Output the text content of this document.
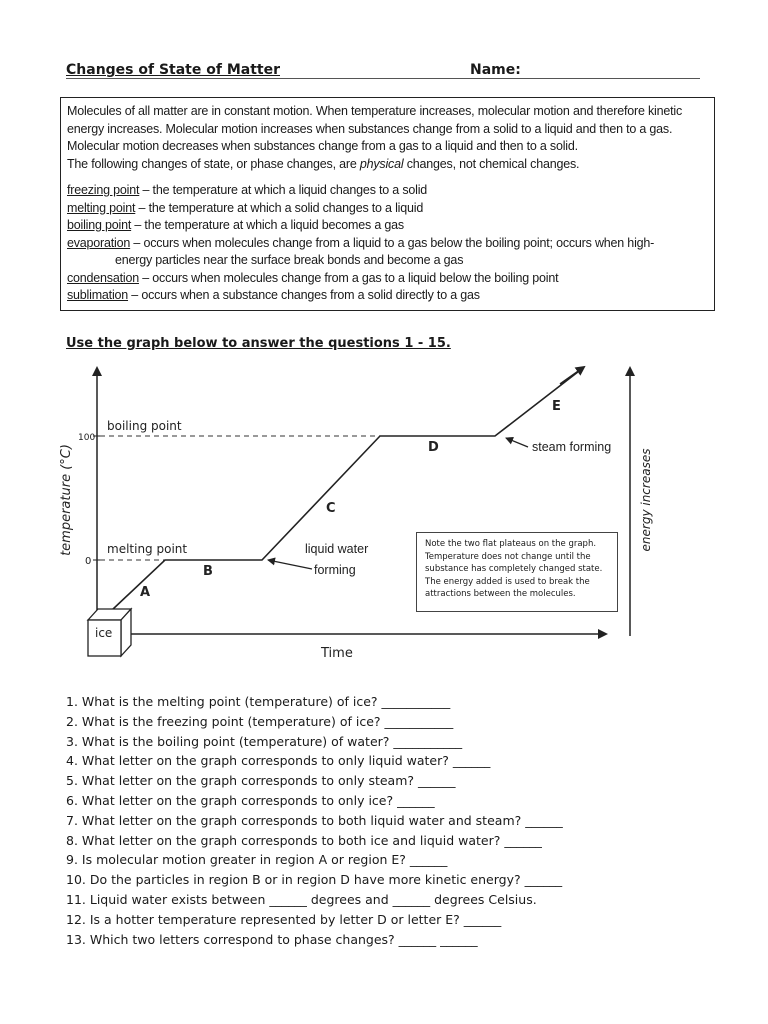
Changes of State of Matter	Name:

Molecules of all matter are in constant motion. When temperature increases, molecular motion and therefore kinetic

energy increases. Molecular motion increases when substances change from a solid to a liquid and then to a gas.

Molecular motion decreases when substances change from a gas to a liquid and then to a solid.

The following changes of state, or phase changes, are physical changes, not chemical changes.

freezing point – the temperature at which a liquid changes to a solid

melting point – the temperature at which a solid changes to a liquid

boiling point – the temperature at which a liquid becomes a gas

evaporation – occurs when molecules change from a liquid to a gas below the boiling point; occurs when high-

energy particles near the surface break bonds and become a gas

condensation – occurs when molecules change from a gas to a liquid below the boiling point

sublimation – occurs when a substance changes from a solid directly to a gas

Use the graph below to answer the questions 1 - 15.
100
0
ice
boiling point
melting point
A
B
C
D
E
liquid water
forming
steam forming
Time
temperature (°C)	energy increases
Note the two flat plateaus on the graph.
Temperature does not change until the
substance has completely changed state.
The energy added is used to break the
attractions between the molecules.
1. What is the melting point (temperature) of ice? ___________
2. What is the freezing point (temperature) of ice? ___________
3. What is the boiling point (temperature) of water? ___________
4. What letter on the graph corresponds to only liquid water? ______
5. What letter on the graph corresponds to only steam? ______
6. What letter on the graph corresponds to only ice? ______
7. What letter on the graph corresponds to both liquid water and steam? ______
8. What letter on the graph corresponds to both ice and liquid water? ______
9. Is molecular motion greater in region A or region E? ______
10. Do the particles in region B or in region D have more kinetic energy? ______
11. Liquid water exists between ______ degrees and ______ degrees Celsius.
12. Is a hotter temperature represented by letter D or letter E? ______
13. Which two letters correspond to phase changes? ______ ______
